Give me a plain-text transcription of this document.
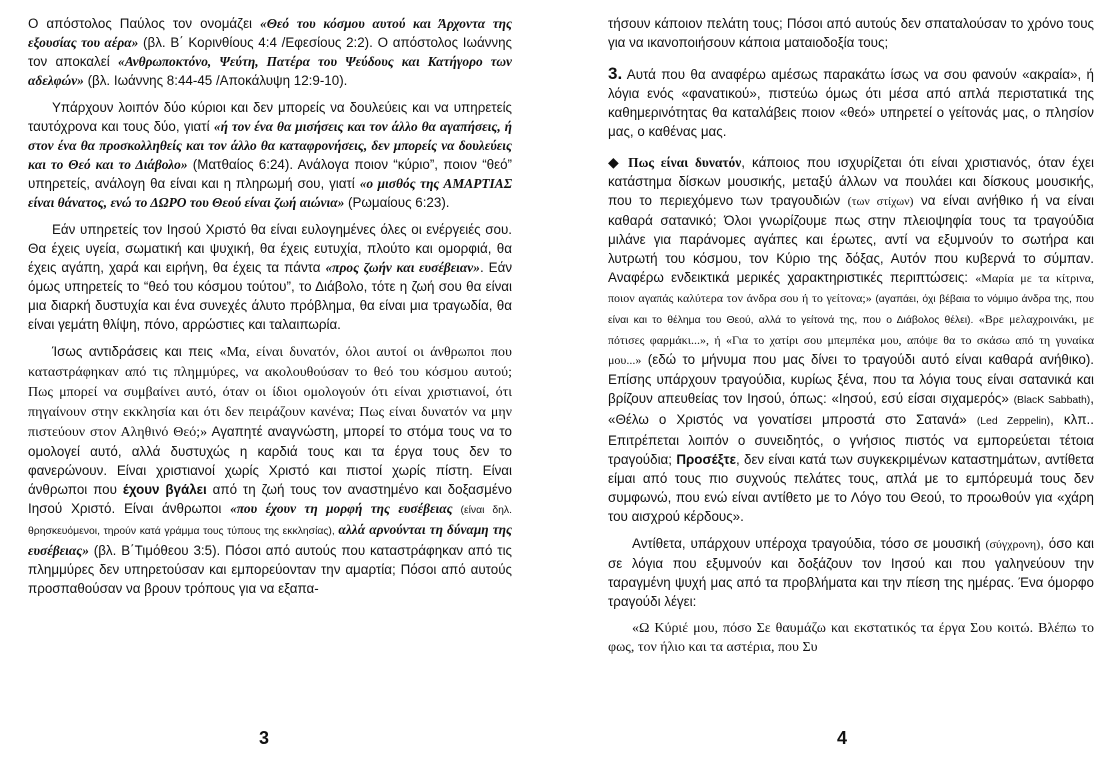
Ο απόστολος Παύλος τον ονομάζει «Θεό του κόσμου αυτού και Άρχοντα της εξουσίας του αέρα» (βλ. Β΄ Κορινθίους 4:4 /Εφεσίους 2:2). Ο απόστολος Ιωάννης τον αποκαλεί «Ανθρωποκτόνο, Ψεύτη, Πατέρα του Ψεύδους και Κατήγορο των αδελφών» (βλ. Ιωάννης 8:44-45 /Αποκάλυψη 12:9-10).

Υπάρχουν λοιπόν δύο κύριοι και δεν μπορείς να δουλεύεις και να υπηρετείς ταυτόχρονα και τους δύο, γιατί «ή τον ένα θα μισήσεις και τον άλλο θα αγαπήσεις, ή στον ένα θα προσκολληθείς και τον άλλο θα καταφρονήσεις, δεν μπορείς να δουλεύεις και το Θεό και το Διάβολο» (Ματθαίος 6:24). Ανάλογα ποιον “κύριο”, ποιον “θεό” υπηρετείς, ανάλογη θα είναι και η πληρωμή σου, γιατί «ο μισθός της ΑΜΑΡΤΙΑΣ είναι θάνατος, ενώ το ΔΩΡΟ του Θεού είναι ζωή αιώνια» (Ρωμαίους 6:23).

Εάν υπηρετείς τον Ιησού Χριστό θα είναι ευλογημένες όλες οι ενέργειές σου. Θα έχεις υγεία, σωματική και ψυχική, θα έχεις ευτυχία, πλούτο και ομορφιά, θα έχεις αγάπη, χαρά και ειρήνη, θα έχεις τα πάντα «προς ζωήν και ευσέβειαν». Εάν όμως υπηρετείς το “θεό του κόσμου τούτου”, το Διάβολο, τότε η ζωή σου θα είναι μια διαρκή δυστυχία και ένα συνεχές άλυτο πρόβλημα, θα είναι μια τραγωδία, θα είναι γεμάτη θλίψη, πόνο, αρρώστιες και ταλαιπωρία.

Ίσως αντιδράσεις και πεις «Μα, είναι δυνατόν, όλοι αυτοί οι άνθρωποι που καταστράφηκαν από τις πλημμύρες, να ακολουθούσαν το θεό του κόσμου αυτού; Πως μπορεί να συμβαίνει αυτό, όταν οι ίδιοι ομολογούν ότι είναι χριστιανοί, ότι πηγαίνουν στην εκκλησία και ότι δεν πειράζουν κανένα; Πως είναι δυνατόν να μην πιστεύουν στον Αληθινό Θεό;» Αγαπητέ αναγνώστη, μπορεί το στόμα τους να το ομολογεί αυτό, αλλά δυστυχώς η καρδιά τους και τα έργα τους δεν το φανερώνουν. Είναι χριστιανοί χωρίς Χριστό και πιστοί χωρίς πίστη. Είναι άνθρωποι που έχουν βγάλει από τη ζωή τους τον αναστημένο και δοξασμένο Ιησού Χριστό. Είναι άνθρωποι «που έχουν τη μορφή της ευσέβειας (είναι δηλ. θρησκευόμενοι, τηρούν κατά γράμμα τους τύπους της εκκλησίας), αλλά αρνούνται τη δύναμη της ευσέβειας» (βλ. Β΄Τιμόθεου 3:5). Πόσοι από αυτούς που καταστράφηκαν από τις πλημμύρες δεν υπηρετούσαν και εμπορεύονταν την αμαρτία; Πόσοι από αυτούς προσπαθούσαν να βρουν τρόπους για να εξαπα-

3

τήσουν κάποιον πελάτη τους; Πόσοι από αυτούς δεν σπαταλούσαν το χρόνο τους για να ικανοποιήσουν κάποια ματαιοδοξία τους;

3. Αυτά που θα αναφέρω αμέσως παρακάτω ίσως να σου φανούν «ακραία», ή λόγια ενός «φανατικού», πιστεύω όμως ότι μέσα από απλά περιστατικά της καθημερινότητας θα καταλάβεις ποιον «θεό» υπηρετεί ο γείτονάς μας, ο πλησίον μας, ο καθένας μας.

◆ Πως είναι δυνατόν, κάποιος που ισχυρίζεται ότι είναι χριστιανός, όταν έχει κατάστημα δίσκων μουσικής, μεταξύ άλλων να πουλάει και δίσκους μουσικής, που το περιεχόμενο των τραγουδιών (των στίχων) να είναι ανήθικο ή να είναι καθαρά σατανικό; Όλοι γνωρίζουμε πως στην πλειοψηφία τους τα τραγούδια μιλάνε για παράνομες αγάπες και έρωτες, αντί να εξυμνούν το σωτήρα και λυτρωτή του κόσμου, τον Κύριο της δόξας, Αυτόν που κυβερνά το σύμπαν. Αναφέρω ενδεικτικά μερικές χαρακτηριστικές περιπτώσεις: «Μαρία με τα κίτρινα, ποιον αγαπάς καλύτερα τον άνδρα σου ή το γείτονα;» (αγαπάει, όχι βέβαια το νόμιμο άνδρα της, που είναι και το θέλημα του Θεού, αλλά το γείτονά της, που ο Διάβολος θέλει). «Βρε μελαχροινάκι, με πότισες φαρμάκι...», ή «Για το χατίρι σου μπεμπέκα μου, απόψε θα το σκάσω από τη γυναίκα μου...» (εδώ το μήνυμα που μας δίνει το τραγούδι αυτό είναι καθαρά ανήθικο). Επίσης υπάρχουν τραγούδια, κυρίως ξένα, που τα λόγια τους είναι σατανικά και βρίζουν απευθείας τον Ιησού, όπως: «Ιησού, εσύ είσαι σιχαμερός» (BlacK Sabbath), «Θέλω ο Χριστός να γονατίσει μπροστά στο Σατανά» (Led Zeppelin), κλπ.. Επιτρέπεται λοιπόν ο συνειδητός, ο γνήσιος πιστός να εμπορεύεται τέτοια τραγούδια; Προσέξτε, δεν είναι κατά των συγκεκριμένων καταστημάτων, αντίθετα είμαι από τους πιο συχνούς πελάτες τους, απλά με το εμπόρευμά τους δεν συμφωνώ, που ενώ είναι αντίθετο με το Λόγο του Θεού, το προωθούν για «χάρη του αισχρού κέρδους».

Αντίθετα, υπάρχουν υπέροχα τραγούδια, τόσο σε μουσική (σύγχρονη), όσο και σε λόγια που εξυμνούν και δοξάζουν τον Ιησού και που γαληνεύουν την ταραγμένη ψυχή μας από τα προβλήματα και την πίεση της ημέρας. Ένα όμορφο τραγούδι λέγει:

«Ω Κύριέ μου, πόσο Σε θαυμάζω και εκστατικός τα έργα Σου κοιτώ. Βλέπω το φως, τον ήλιο και τα αστέρια, που Συ

4
